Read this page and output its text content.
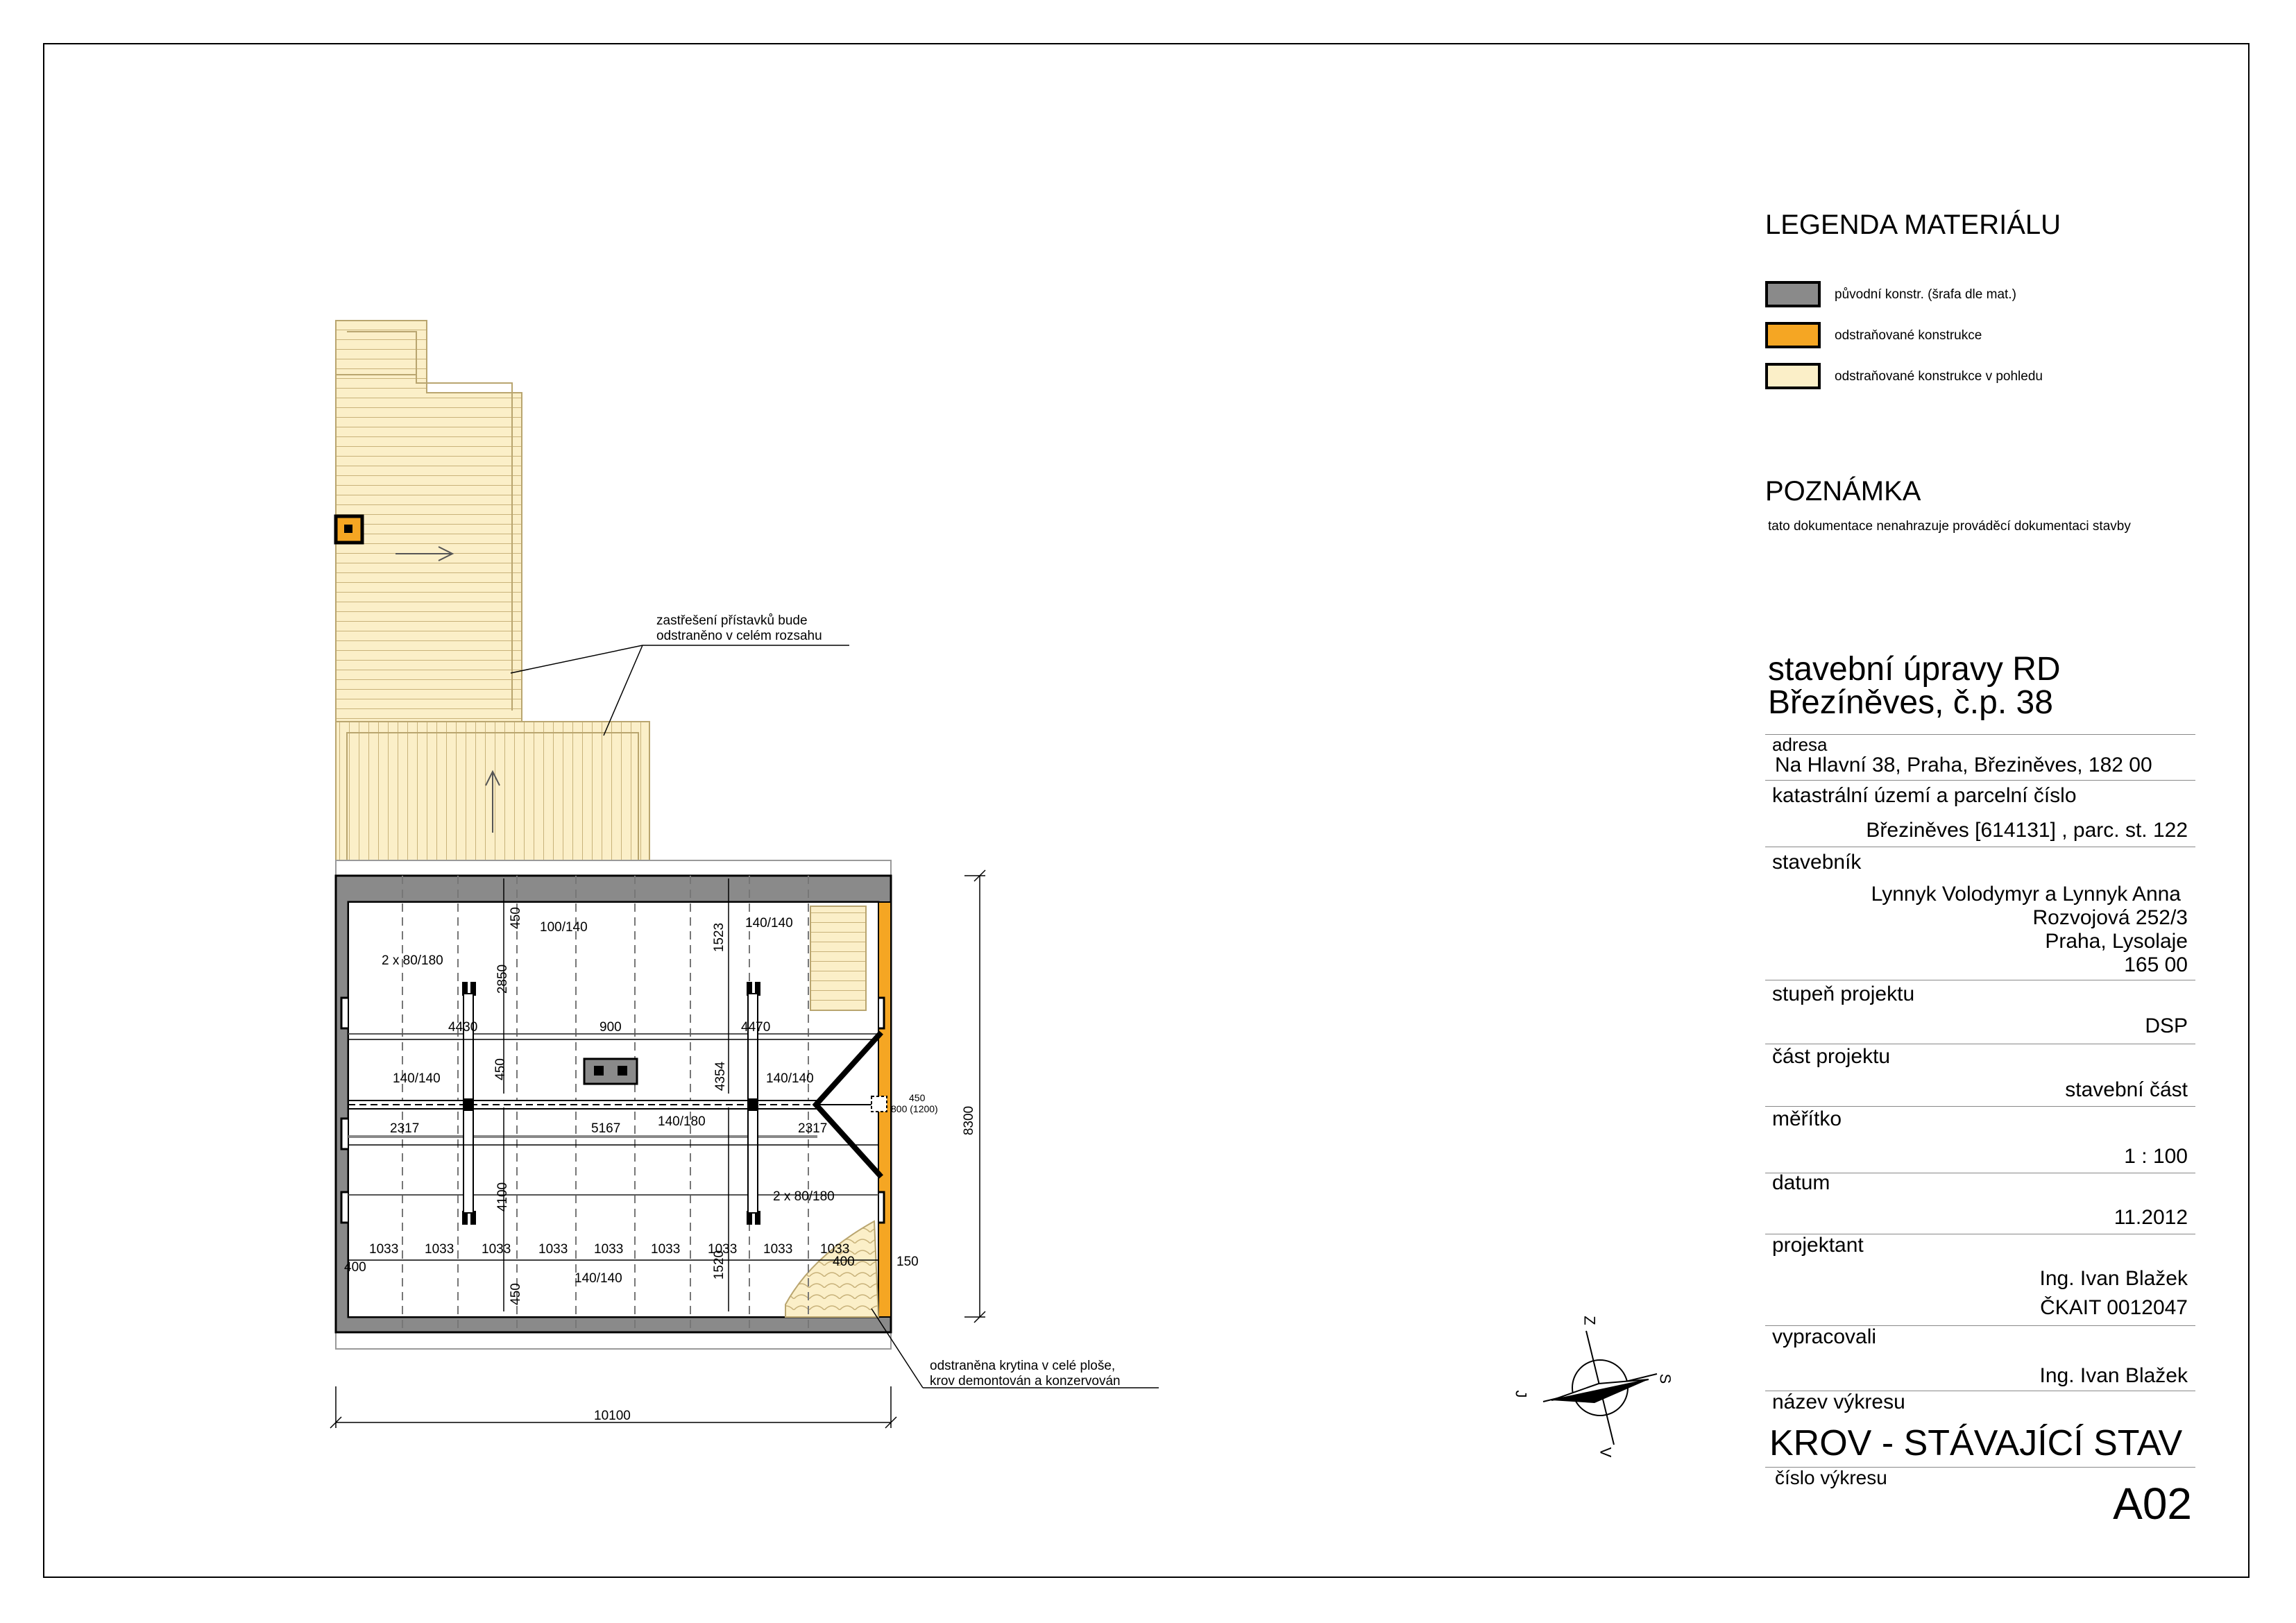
zastřešení přístavků bude
odstraněno v celém rozsahu
odstraněna krytina v celé ploše,
krov demontován a konzervován
10100
8300
450
2850
1523
4430	900	4470
450	4354
2317	5167	2317
4100
1520
450
400	400	150
450
800 (1200)
1033 1033 1033 1033 1033 1033 1033 1033 1033
100/140	140/140
2 x 80/180
140/140	140/140
140/180
2 x 80/180
140/140
Z
S
V
J
LEGENDA MATERIÁLU
původní konstr. (šrafa dle mat.)
odstraňované konstrukce
odstraňované konstrukce v pohledu
POZNÁMKA
tato dokumentace nenahrazuje prováděcí dokumentaci stavby
stavební úpravy RD
Březíněves, č.p. 38
adresa
Na Hlavní 38, Praha, Březiněves, 182 00
katastrální území a parcelní číslo
Březiněves [614131] , parc. st. 122
stavebník
Lynnyk Volodymyr a Lynnyk Anna
Rozvojová 252/3
Praha, Lysolaje
165 00
stupeň projektu
DSP
část projektu
stavební část
měřítko
1 : 100
datum
11.2012
projektant
Ing. Ivan Blažek
ČKAIT 0012047
vypracovali
Ing. Ivan Blažek
název výkresu
KROV - STÁVAJÍCÍ STAV
číslo výkresu
A02
